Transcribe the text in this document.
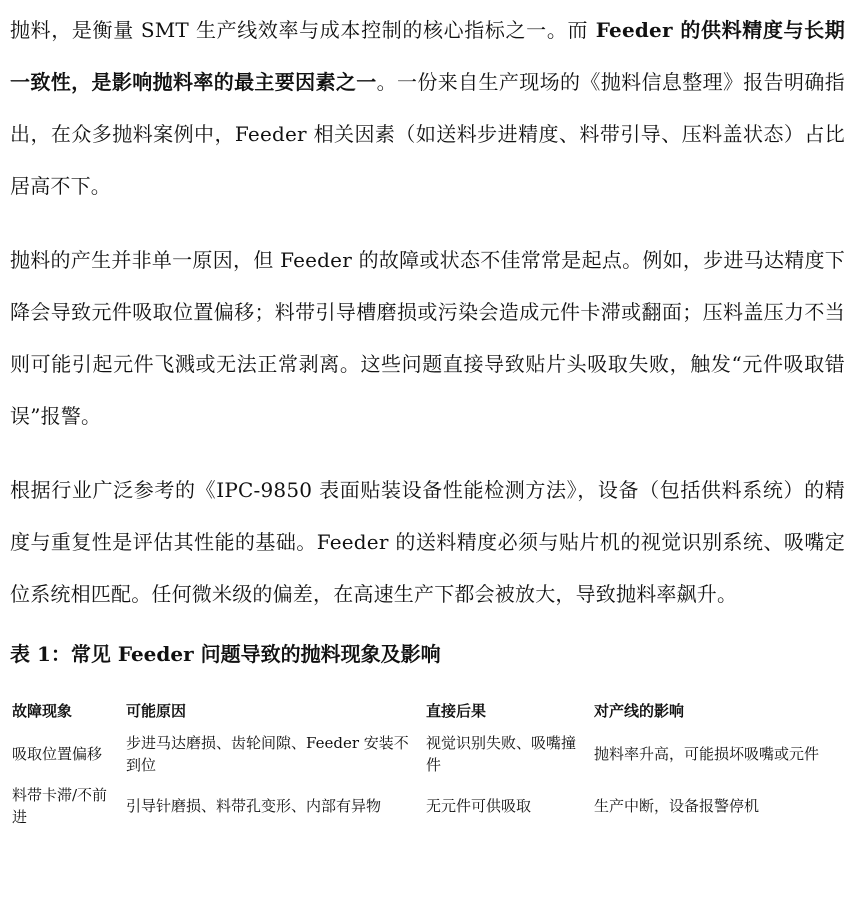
抛料，是衡量 SMT 生产线效率与成本控制的核心指标之一。而 Feeder 的供料精度与长期一致性，是影响抛料率的最主要因素之一。一份来自生产现场的《抛料信息整理》报告明确指出，在众多抛料案例中，Feeder 相关因素（如送料步进精度、料带引导、压料盖状态）占比居高不下。

抛料的产生并非单一原因，但 Feeder 的故障或状态不佳常常是起点。例如，步进马达精度下降会导致元件吸取位置偏移；料带引导槽磨损或污染会造成元件卡滞或翻面；压料盖压力不当则可能引起元件飞溅或无法正常剥离。这些问题直接导致贴片头吸取失败，触发“元件吸取错误”报警。

根据行业广泛参考的《IPC-9850 表面贴装设备性能检测方法》，设备（包括供料系统）的精度与重复性是评估其性能的基础。Feeder 的送料精度必须与贴片机的视觉识别系统、吸嘴定位系统相匹配。任何微米级的偏差，在高速生产下都会被放大，导致抛料率飙升。

表 1：常见 Feeder 问题导致的抛料现象及影响
故障现象	可能原因	直接后果	对产线的影响
吸取位置偏移	步进马达磨损、齿轮间隙、Feeder 安装不到位	视觉识别失败、吸嘴撞件	抛料率升高，可能损坏吸嘴或元件
料带卡滞/不前进	引导针磨损、料带孔变形、内部有异物	无元件可供吸取	生产中断，设备报警停机
